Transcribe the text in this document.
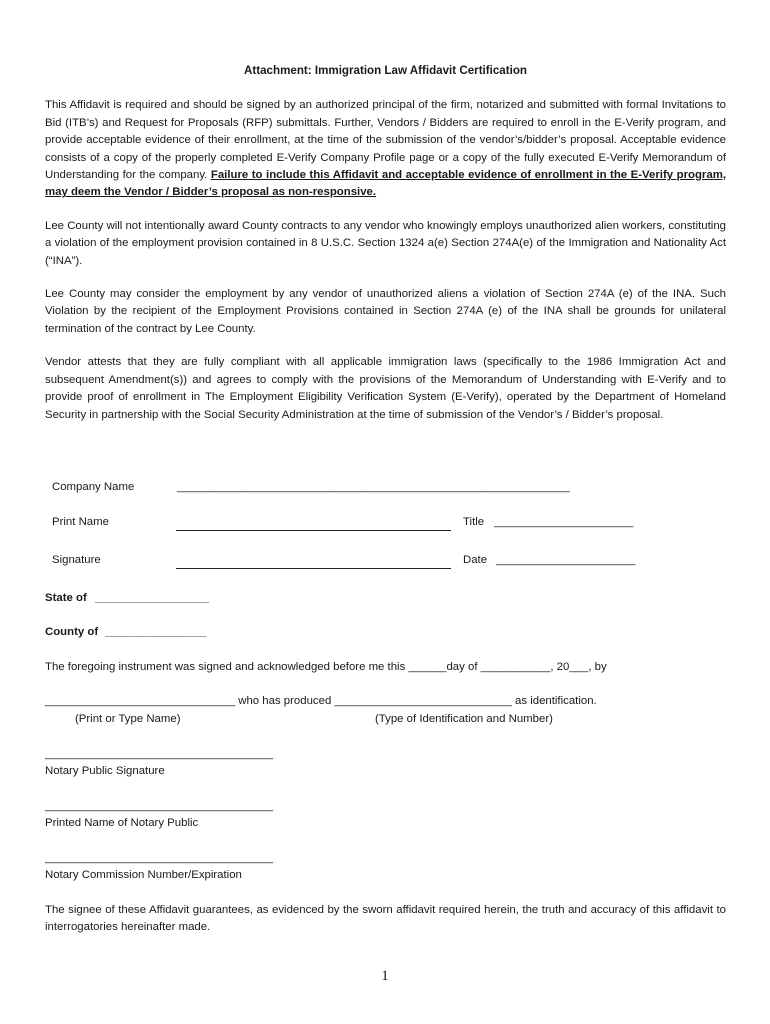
Attachment: Immigration Law Affidavit Certification

This Affidavit is required and should be signed by an authorized principal of the firm, notarized and submitted with formal Invitations to Bid (ITB’s) and Request for Proposals (RFP) submittals. Further, Vendors / Bidders are required to enroll in the E-Verify program, and provide acceptable evidence of their enrollment, at the time of the submission of the vendor’s/bidder’s proposal. Acceptable evidence consists of a copy of the properly completed E-Verify Company Profile page or a copy of the fully executed E-Verify Memorandum of Understanding for the company. Failure to include this Affidavit and acceptable evidence of enrollment in the E-Verify program, may deem the Vendor / Bidder’s proposal as non-responsive.

Lee County will not intentionally award County contracts to any vendor who knowingly employs unauthorized alien workers, constituting a violation of the employment provision contained in 8 U.S.C. Section 1324 a(e) Section 274A(e) of the Immigration and Nationality Act (“INA”).

Lee County may consider the employment by any vendor of unauthorized aliens a violation of Section 274A (e) of the INA. Such Violation by the recipient of the Employment Provisions contained in Section 274A (e) of the INA shall be grounds for unilateral termination of the contract by Lee County.

Vendor attests that they are fully compliant with all applicable immigration laws (specifically to the 1986 Immigration Act and subsequent Amendment(s)) and agrees to comply with the provisions of the Memorandum of Understanding with E-Verify and to provide proof of enrollment in The Employment Eligibility Verification System (E-Verify), operated by the Department of Homeland Security in partnership with the Social Security Administration at the time of submission of the Vendor’s / Bidder’s proposal.

Company Name	______________________________________________________________
Print Name	Title ______________________
Signature	Date ______________________
State of __________________
County of ________________
The foregoing instrument was signed and acknowledged before me this ______day of ___________, 20___, by
______________________________ who has produced ____________________________ as identification.
(Print or Type Name)	(Type of Identification and Number)
____________________________________
Notary Public Signature
____________________________________
Printed Name of Notary Public
____________________________________
Notary Commission Number/Expiration

The signee of these Affidavit guarantees, as evidenced by the sworn affidavit required herein, the truth and accuracy of this affidavit to interrogatories hereinafter made.

1
